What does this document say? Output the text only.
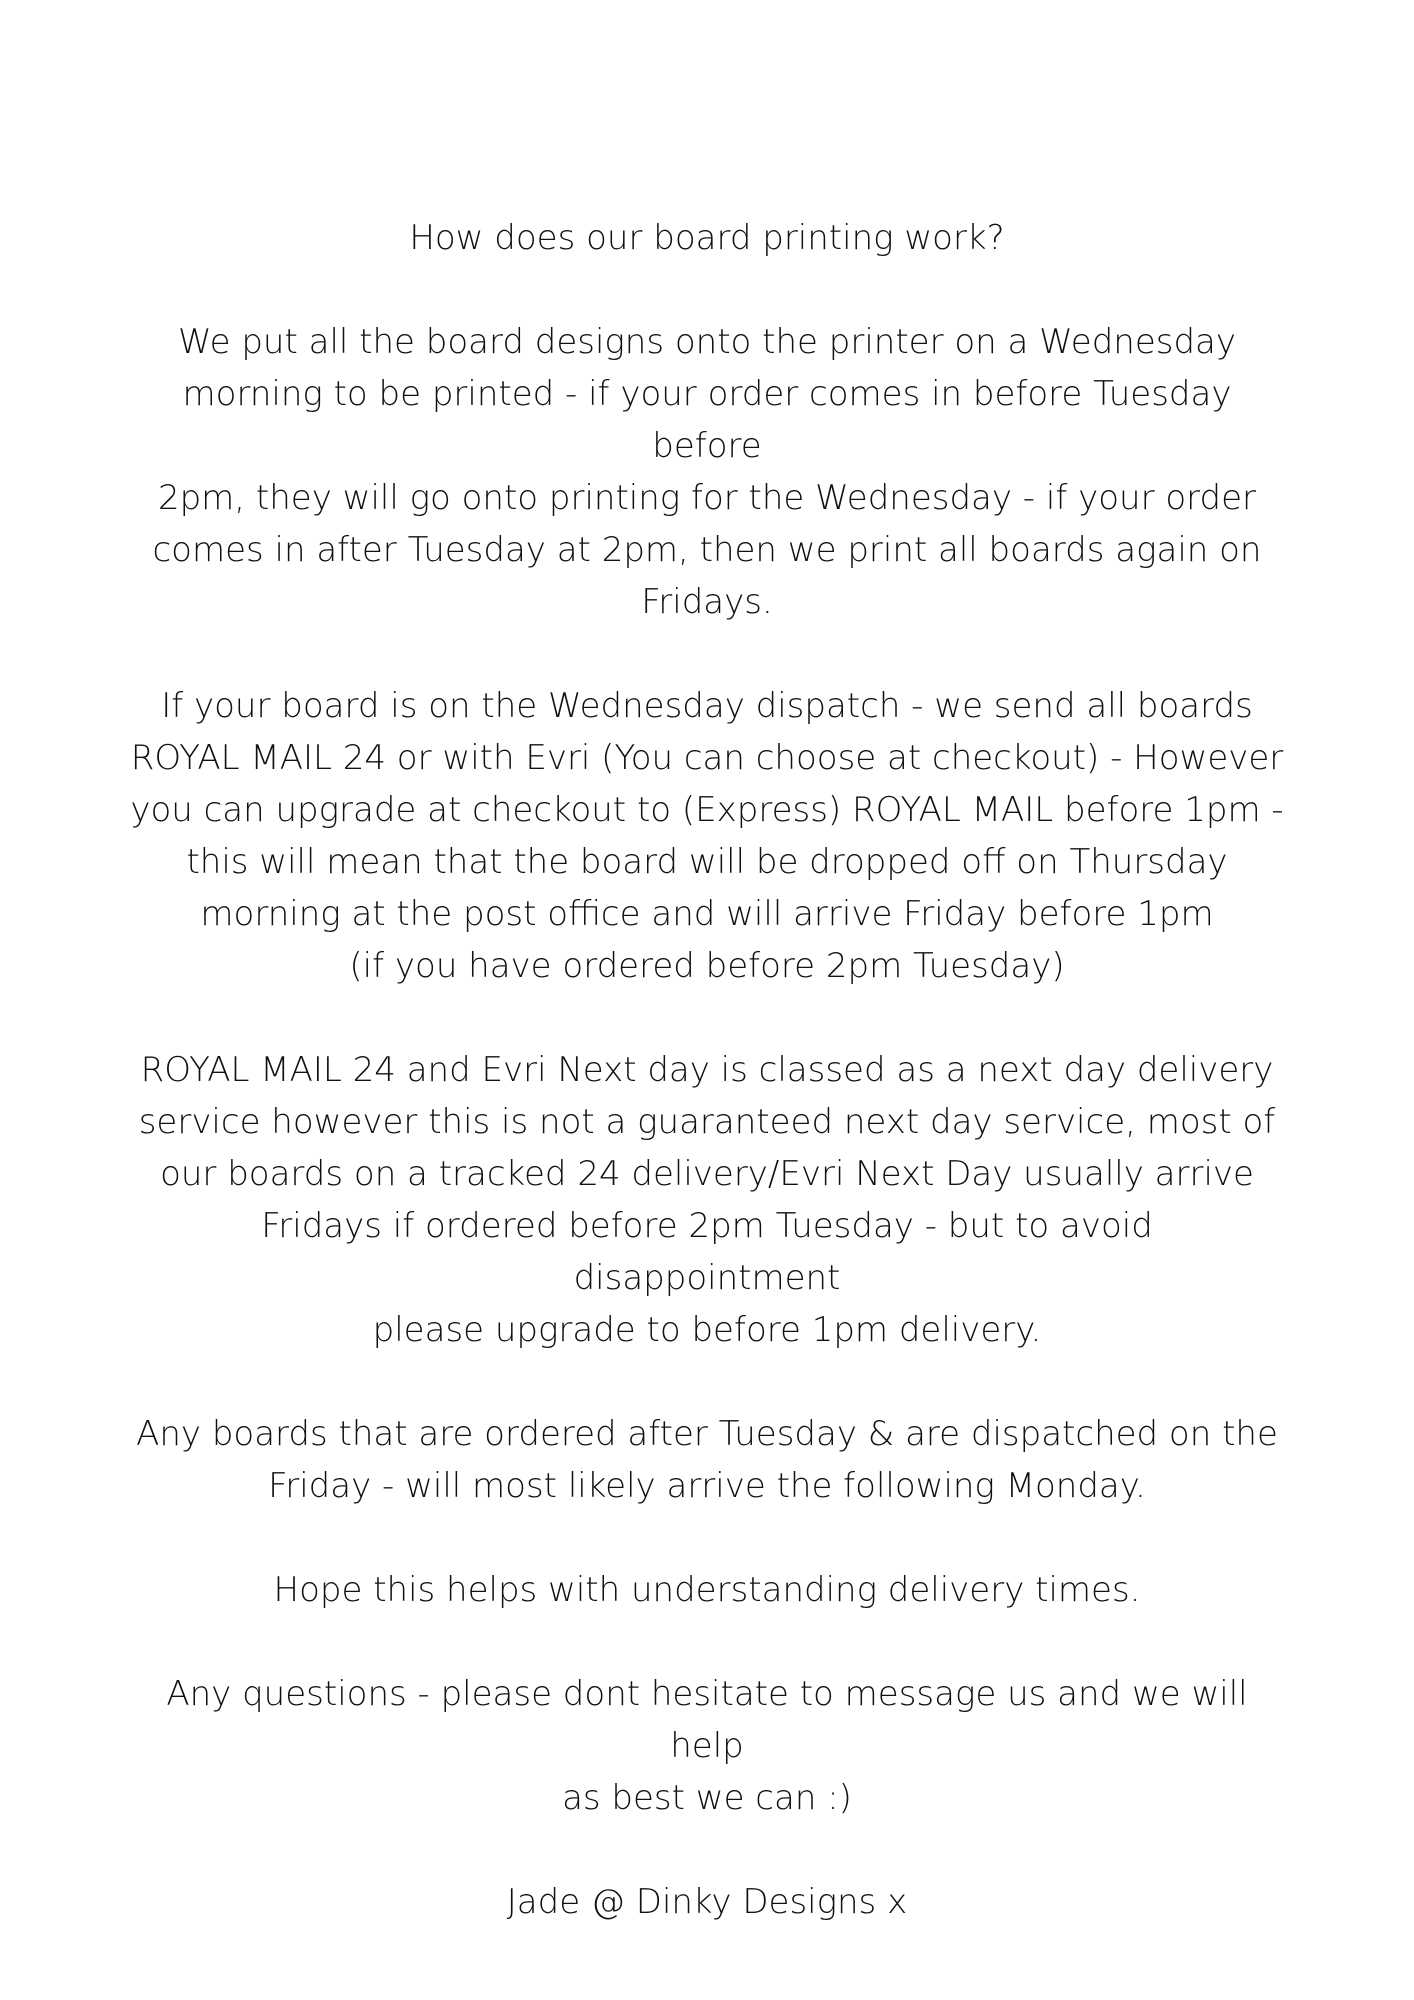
How does our board printing work?

We put all the board designs onto the printer on a Wednesday
morning to be printed - if your order comes in before Tuesday before
2pm, they will go onto printing for the Wednesday - if your order
comes in after Tuesday at 2pm, then we print all boards again on
Fridays.

If your board is on the Wednesday dispatch - we send all boards
ROYAL MAIL 24 or with Evri (You can choose at checkout) - However
you can upgrade at checkout to (Express) ROYAL MAIL before 1pm -
this will mean that the board will be dropped off on Thursday
morning at the post office and will arrive Friday before 1pm
(if you have ordered before 2pm Tuesday)

ROYAL MAIL 24 and Evri Next day is classed as a next day delivery
service however this is not a guaranteed next day service, most of
our boards on a tracked 24 delivery/Evri Next Day usually arrive
Fridays if ordered before 2pm Tuesday - but to avoid disappointment
please upgrade to before 1pm delivery.

Any boards that are ordered after Tuesday & are dispatched on the
Friday - will most likely arrive the following Monday.

Hope this helps with understanding delivery times.

Any questions - please dont hesitate to message us and we will help
as best we can :)

Jade @ Dinky Designs x
